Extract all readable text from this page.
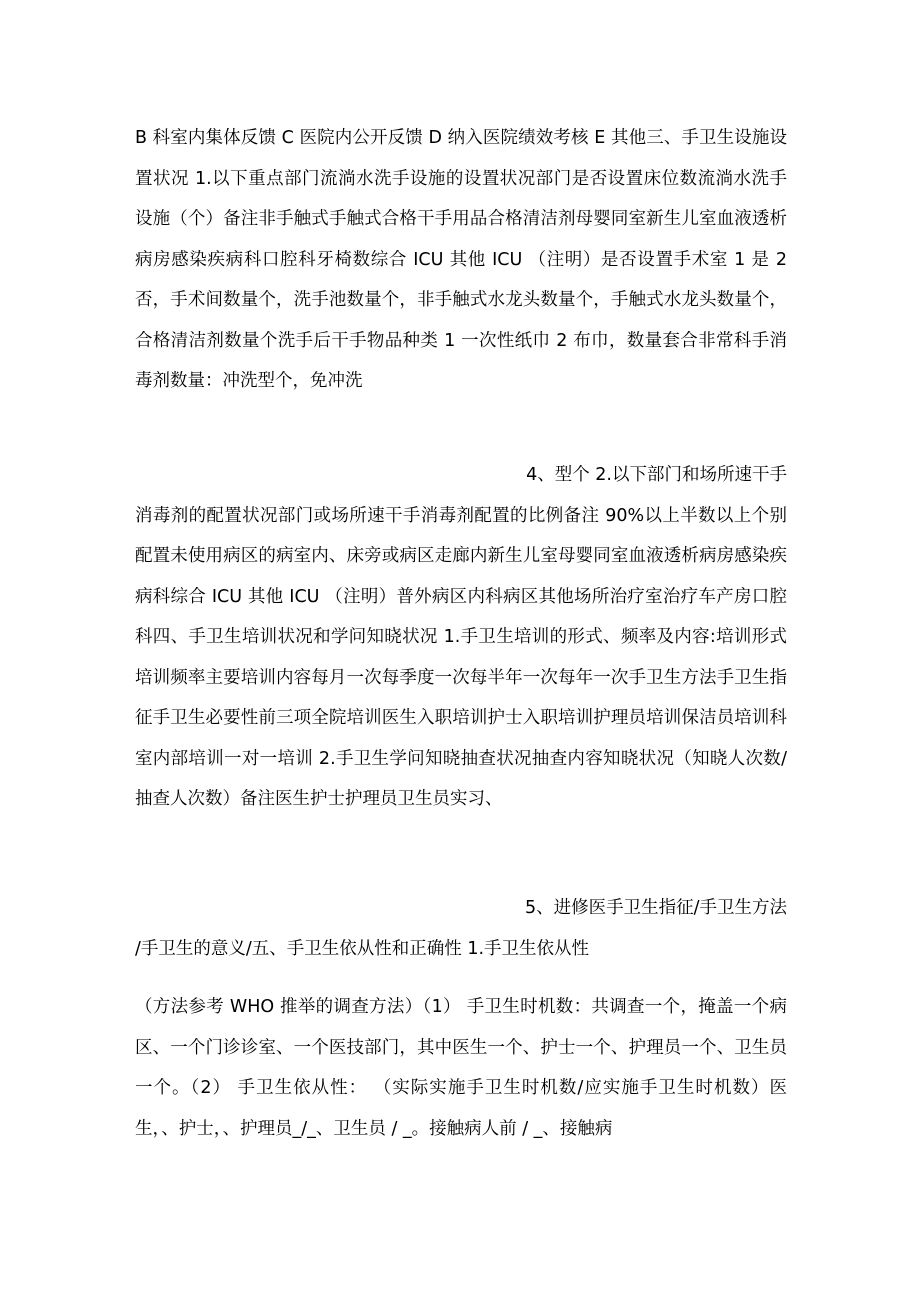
B 科室内集体反馈 C 医院内公开反馈 D 纳入医院绩效考核 E 其他三、手卫生设施设置状况 1.以下重点部门流淌水洗手设施的设置状况部门是否设置床位数流淌水洗手设施（个）备注非手触式手触式合格干手用品合格清洁剂母婴同室新生儿室血液透析病房感染疾病科口腔科牙椅数综合 ICU 其他 ICU （注明）是否设置手术室 1 是 2 否，手术间数量个，洗手池数量个，非手触式水龙头数量个，手触式水龙头数量个，合格清洁剂数量个洗手后干手物品种类 1 一次性纸巾 2 布巾，数量套合非常科手消毒剂数量：冲洗型个，免冲洗

4、型个 2.以下部门和场所速干手
消毒剂的配置状况部门或场所速干手消毒剂配置的比例备注 90%以上半数以上个别配置未使用病区的病室内、床旁或病区走廊内新生儿室母婴同室血液透析病房感染疾病科综合 ICU 其他 ICU （注明）普外病区内科病区其他场所治疗室治疗车产房口腔科四、手卫生培训状况和学问知晓状况 1.手卫生培训的形式、频率及内容:培训形式培训频率主要培训内容每月一次每季度一次每半年一次每年一次手卫生方法手卫生指征手卫生必要性前三项全院培训医生入职培训护士入职培训护理员培训保洁员培训科室内部培训一对一培训 2.手卫生学问知晓抽查状况抽查内容知晓状况（知晓人次数/抽查人次数）备注医生护士护理员卫生员实习、
5、进修医手卫生指征/手卫生方法
/手卫生的意义/五、手卫生依从性和正确性 1.手卫生依从性

（方法参考 WHO 推举的调查方法）（1） 手卫生时机数：共调查一个，掩盖一个病区、一个门诊诊室、一个医技部门，其中医生一个、护士一个、护理员一个、卫生员一个。（2） 手卫生依从性： （实际实施手卫生时机数/应实施手卫生时机数）医生，、护士，、护理员_/_、卫生员 / _。接触病人前 / _、接触病
